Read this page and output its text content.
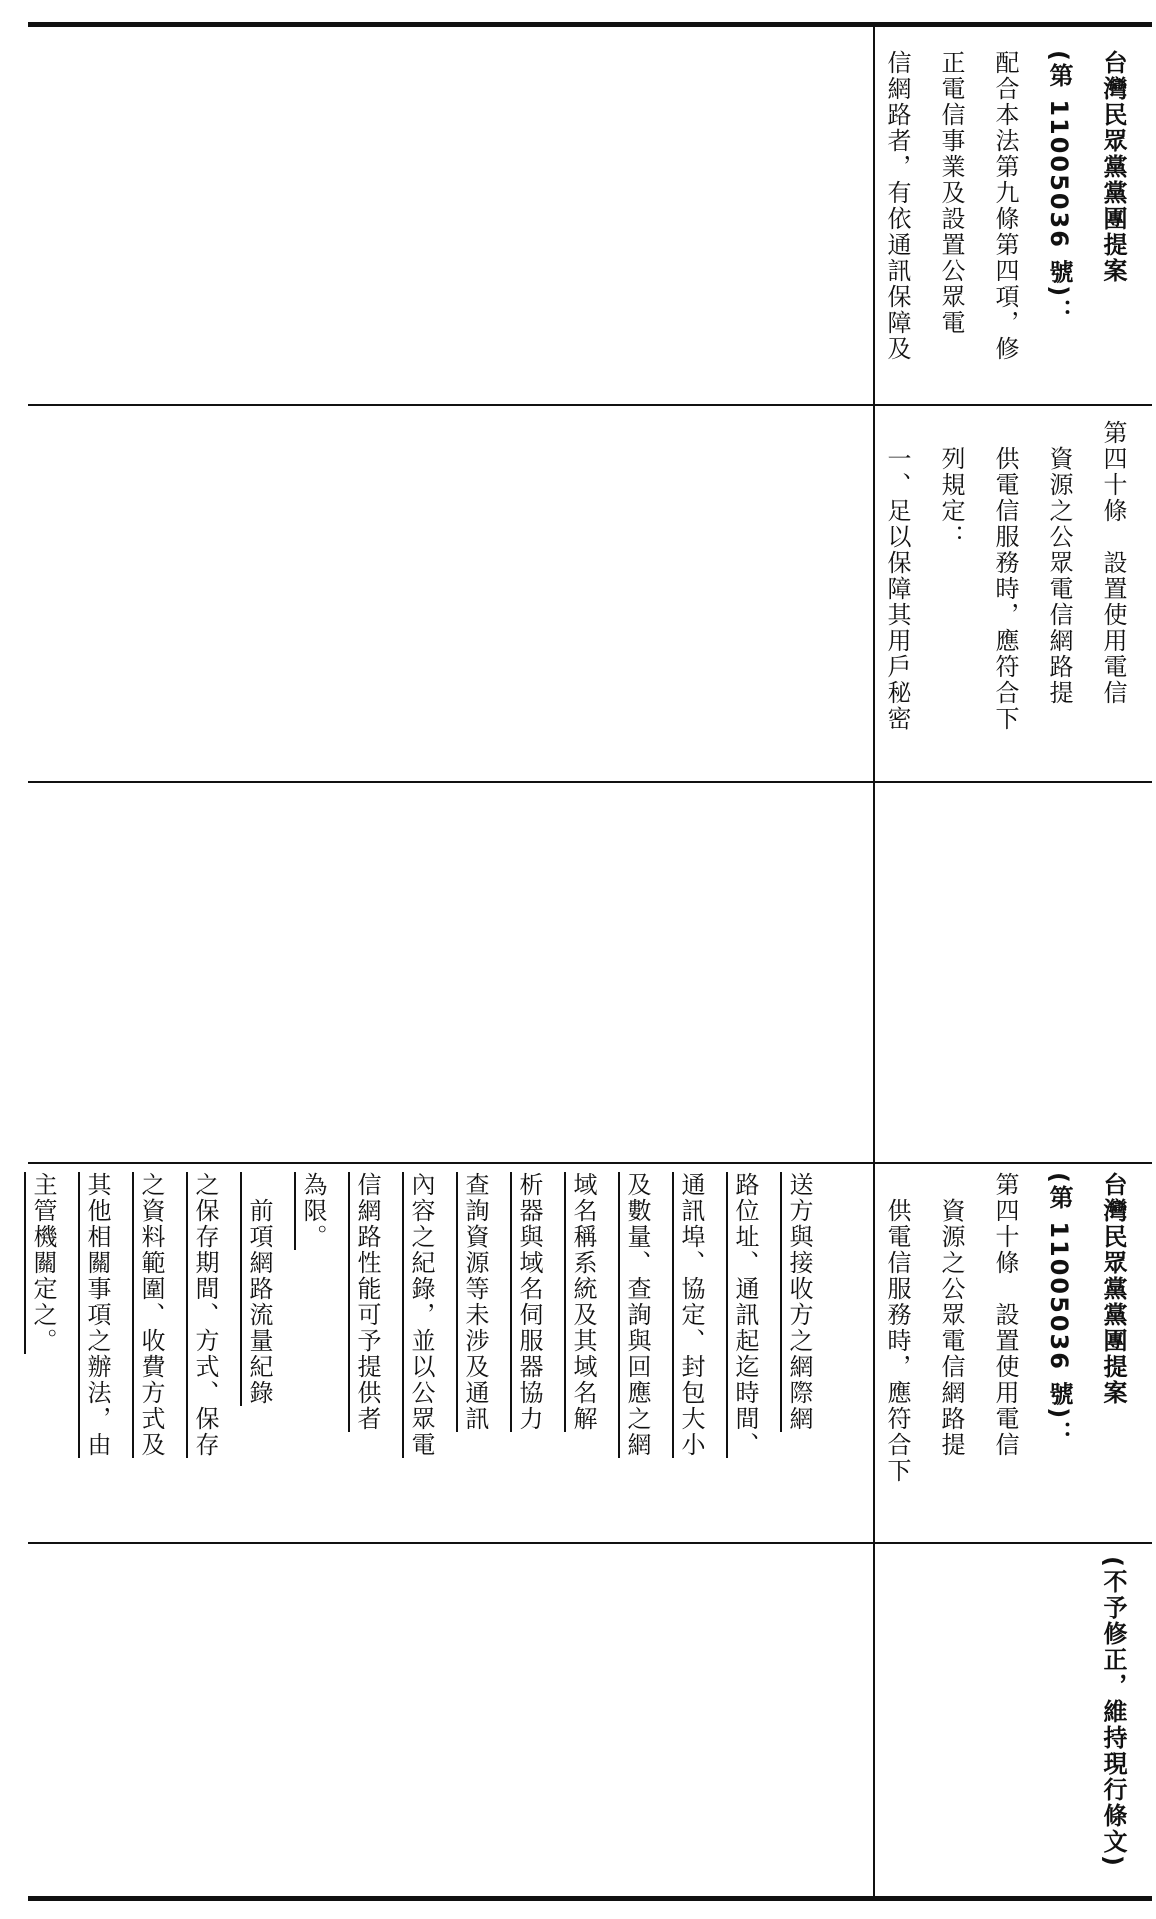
台灣民眾黨黨團提案
(第 11005036 號)：
配合本法第九條第四項，修
正電信事業及設置公眾電
信網路者，有依通訊保障及
第四十條　設置使用電信
　資源之公眾電信網路提
　供電信服務時，應符合下
　列規定：
　一、足以保障其用戶秘密
台灣民眾黨黨團提案
(第 11005036 號)：
第四十條　設置使用電信
　資源之公眾電信網路提
　供電信服務時，應符合下
送方與接收方之網際網
路位址、通訊起迄時間、
通訊埠、協定、封包大小
及數量、查詢與回應之網
域名稱系統及其域名解
析器與域名伺服器協力
查詢資源等未涉及通訊
內容之紀錄，並以公眾電
信網路性能可予提供者
為限。
　前項網路流量紀錄
之保存期間、方式、保存
之資料範圍、收費方式及
其他相關事項之辦法，由
主管機關定之。
(不予修正，維持現行條文)
